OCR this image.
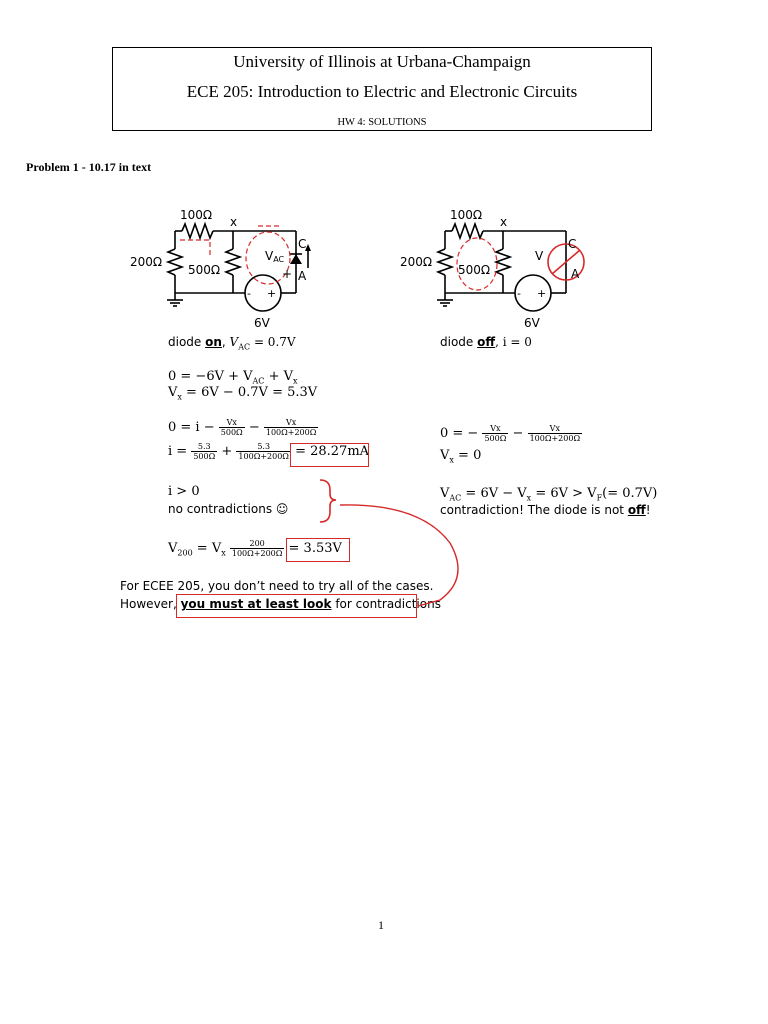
University of Illinois at Urbana-Champaign
ECE 205: Introduction to Electric and Electronic Circuits
HW 4: SOLUTIONS
Problem 1 - 10.17 in text
100Ω x
200Ω
500Ω
VAC
C
+ A
- +
6V
100Ω x
200Ω
500Ω
V
C
A
- +
6V
diode on, $V_{AC} = 0.7V$
$0 = -6V + V_{AC} + V_x$
$V_x = 6V - 0.7V = 5.3V$
$0 = i - \frac{Vx}{500\Omega} - \frac{Vx}{100\Omega+200\Omega}$
$i = \frac{5.3}{500\Omega} + \frac{5.3}{100\Omega+200\Omega} = 28.27mA$
i > 0
no contradictions ☺
$V_{200} = V_x \frac{200}{100\Omega+200\Omega} = 3.53V$
For ECEE 205, you don’t need to try all of the cases.
However, you must at least look for contradictions
diode off, i = 0
0 = − $\frac{Vx}{500\Omega} - \frac{Vx}{100\Omega+200\Omega}$
$V_x = 0$
$V_{AC} = 6V - V_x = 6V > V_F(= 0.7V)$
contradiction! The diode is not off!
1
